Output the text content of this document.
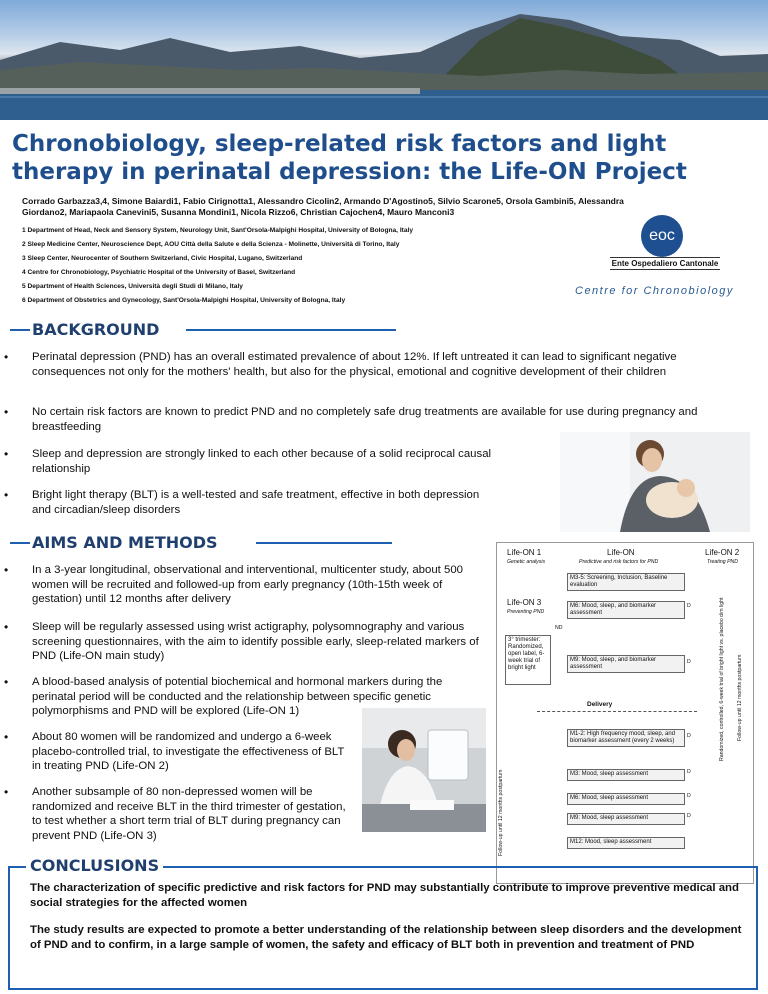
Chronobiology, sleep-related risk factors and light therapy in perinatal depression: the Life-ON Project
Corrado Garbazza3,4, Simone Baiardi1, Fabio Cirignotta1, Alessandro Cicolin2, Armando D'Agostino5, Silvio Scarone5, Orsola Gambini5, Alessandra Giordano2, Mariapaola Canevini5, Susanna Mondini1, Nicola Rizzo6, Christian Cajochen4, Mauro Manconi3
1 Department of Head, Neck and Sensory System, Neurology Unit, Sant'Orsola-Malpighi Hospital, University of Bologna, Italy
2 Sleep Medicine Center, Neuroscience Dept, AOU Città della Salute e della Scienza - Molinette, Università di Torino, Italy
3 Sleep Center, Neurocenter of Southern Switzerland, Civic Hospital, Lugano, Switzerland
4 Centre for Chronobiology, Psychiatric Hospital of the University of Basel, Switzerland
5 Department of Health Sciences, Università degli Studi di Milano, Italy
6 Department of Obstetrics and Gynecology, Sant'Orsola-Malpighi Hospital, University of Bologna, Italy
eoc
Ente Ospedaliero Cantonale
Centre for Chronobiology
BACKGROUND
•	Perinatal depression (PND) has an overall estimated prevalence of about 12%. If left untreated it can lead to significant negative consequences not only for the mothers' health, but also for the physical, emotional and cognitive development of their children
•	No certain risk factors are known to predict PND and no completely safe drug treatments are available for use during pregnancy and breastfeeding
•	Sleep and depression are strongly linked to each other because of a solid reciprocal causal relationship
•	Bright light therapy (BLT) is a well-tested and safe treatment, effective in both depression and circadian/sleep disorders
AIMS AND METHODS
•	In a 3-year longitudinal, observational and interventional, multicenter study, about 500 women will be recruited and followed-up from early pregnancy (10th-15th week of gestation) until 12 months after delivery
•	Sleep will be regularly assessed using wrist actigraphy, polysomnography and various screening questionnaires, with the aim to identify possible early, sleep-related markers of PND (Life-ON main study)
•	A blood-based analysis of potential biochemical and hormonal markers during the perinatal period will be conducted and the relationship between specific genetic polymorphisms and PND will be explored (Life-ON 1)
•	About 80 women will be randomized and undergo a 6-week placebo-controlled trial, to investigate the effectiveness of BLT in treating PND (Life-ON 2)
•	Another subsample of 80 non-depressed women will be randomized and receive BLT in the third trimester of gestation, to test whether a short term trial of BLT during pregnancy can prevent PND (Life-ON 3)
Life-ON 1
Genetic analysis
Life-ON
Predictive and risk factors for PND
Life-ON 2
Treating PND
M3-5: Screening, Inclusion, Baseline evaluation
Life-ON 3
Preventing PND
M6: Mood, sleep, and biomarker assessment
D
ND
3° trimester: Randomized, open label, 6-week trial of bright light
M9: Mood, sleep, and biomarker assessment
D
Delivery
M1-2: High frequency mood, sleep, and biomarker assessment (every 2 weeks)
D
M3: Mood, sleep assessment	D
M6: Mood, sleep assessment	D
M9: Mood, sleep assessment	D
M12: Mood, sleep assessment
Follow-up until 12 months postpartum
Randomized, controlled, 6-week trial of bright light vs. placebo dim light Follow-up until 12 months postpartum
CONCLUSIONS
The characterization of specific predictive and risk factors for PND may substantially contribute to improve preventive medical and social strategies for the affected women
The study results are expected to promote a better understanding of the relationship between sleep disorders and the development of PND and to confirm, in a large sample of women, the safety and efficacy of BLT both in prevention and treatment of PND
